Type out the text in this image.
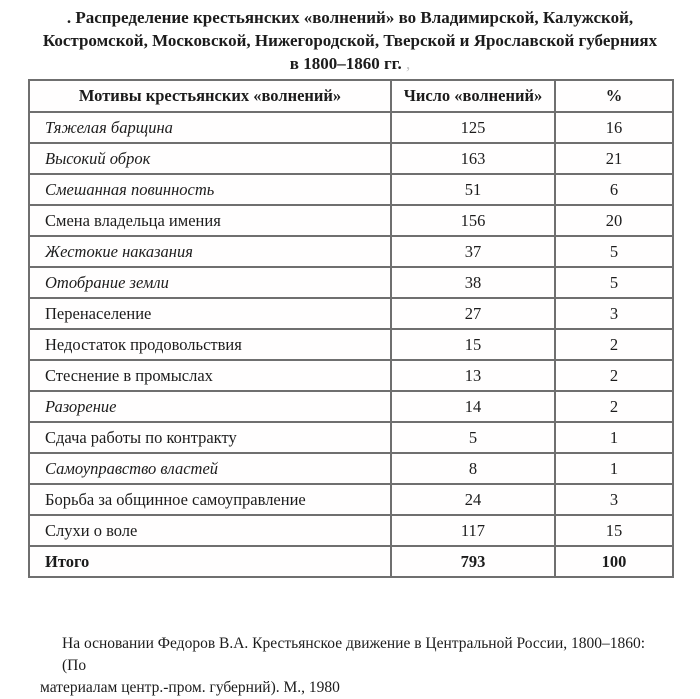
. Распределение крестьянских «волнений» во Владимирской, Калужской,
Костромской, Московской, Нижегородской, Тверской и Ярославской губерниях
в 1800–1860 гг. ,
Мотивы крестьянских «волнений»	Число «волнений»	%
Тяжелая барщина	125	16
Высокий оброк	163	21
Смешанная повинность	51	6
Смена владельца имения	156	20
Жестокие наказания	37	5
Отобрание земли	38	5
Перенаселение	27	3
Недостаток продовольствия	15	2
Стеснение в промыслах	13	2
Разорение	14	2
Сдача работы по контракту	5	1
Самоуправство властей	8	1
Борьба за общинное самоуправление	24	3
Слухи о воле	117	15
Итого	793	100

На основании Федоров В.А. Крестьянское движение в Центральной России, 1800–1860: (По
материалам центр.-пром. губерний). М., 1980
